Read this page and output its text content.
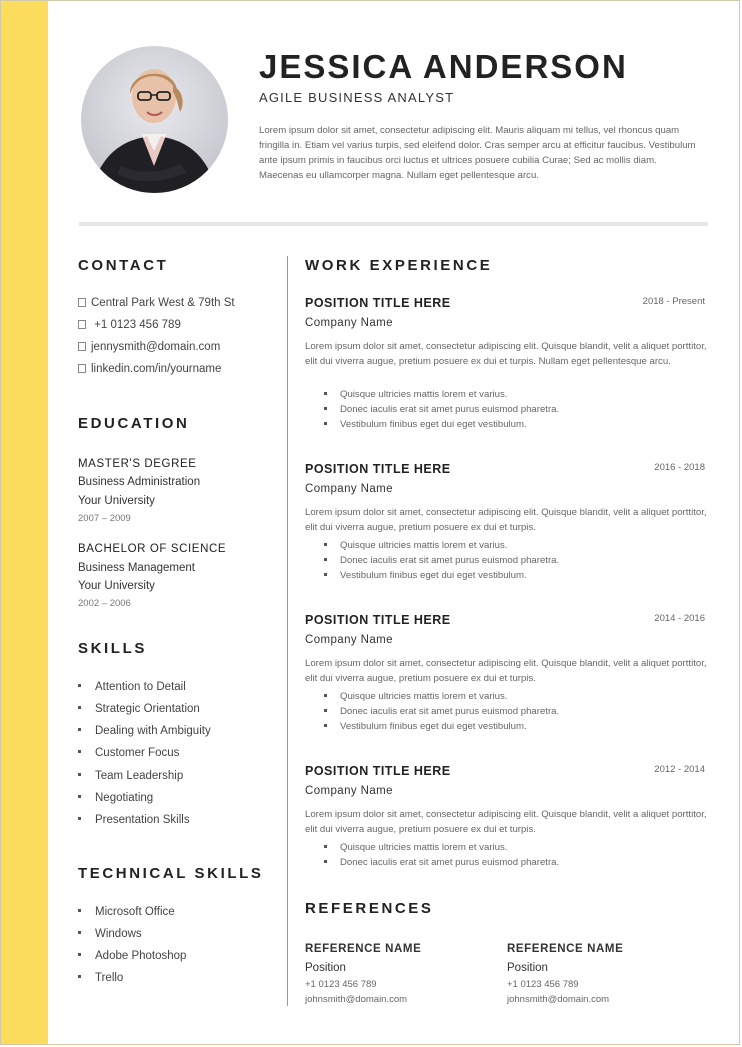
JESSICA ANDERSON
AGILE BUSINESS ANALYST
Lorem ipsum dolor sit amet, consectetur adipiscing elit. Mauris aliquam mi tellus, vel rhoncus quam fringilla in. Etiam vel varius turpis, sed eleifend dolor. Cras semper arcu at efficitur faucibus. Vestibulum ante ipsum primis in faucibus orci luctus et ultrices posuere cubilia Curae; Sed ac mollis diam. Maecenas eu ullamcorper magna. Nullam eget pellentesque arcu.
CONTACT
Central Park West & 79th St
+1 0123 456 789
jennysmith@domain.com
linkedin.com/in/yourname
EDUCATION
MASTER'S DEGREE
Business Administration
Your University
2007 – 2009
BACHELOR OF SCIENCE
Business Management
Your University
2002 – 2006
SKILLS
Attention to Detail
Strategic Orientation
Dealing with Ambiguity
Customer Focus
Team Leadership
Negotiating
Presentation Skills
TECHNICAL SKILLS
Microsoft Office
Windows
Adobe Photoshop
Trello
WORK EXPERIENCE
POSITION TITLE HERE	2018 - Present
Company Name
Lorem ipsum dolor sit amet, consectetur adipiscing elit. Quisque blandit, velit a aliquet porttitor, elit dui viverra augue, pretium posuere ex dui et turpis. Nullam eget pellentesque arcu.
Quisque ultricies mattis lorem et varius.
Donec iaculis erat sit amet purus euismod pharetra.
Vestibulum finibus eget dui eget vestibulum.
POSITION TITLE HERE	2016 - 2018
Company Name
Lorem ipsum dolor sit amet, consectetur adipiscing elit. Quisque blandit, velit a aliquet porttitor, elit dui viverra augue, pretium posuere ex dui et turpis.
Quisque ultricies mattis lorem et varius.
Donec iaculis erat sit amet purus euismod pharetra.
Vestibulum finibus eget dui eget vestibulum.
POSITION TITLE HERE	2014 - 2016
Company Name
Lorem ipsum dolor sit amet, consectetur adipiscing elit. Quisque blandit, velit a aliquet porttitor, elit dui viverra augue, pretium posuere ex dui et turpis.
Quisque ultricies mattis lorem et varius.
Donec iaculis erat sit amet purus euismod pharetra.
Vestibulum finibus eget dui eget vestibulum.
POSITION TITLE HERE	2012 - 2014
Company Name
Lorem ipsum dolor sit amet, consectetur adipiscing elit. Quisque blandit, velit a aliquet porttitor, elit dui viverra augue, pretium posuere ex dui et turpis.
Quisque ultricies mattis lorem et varius.
Donec iaculis erat sit amet purus euismod pharetra.
REFERENCES
REFERENCE NAME
Position
+1 0123 456 789
johnsmith@domain.com
REFERENCE NAME
Position
+1 0123 456 789
johnsmith@domain.com
